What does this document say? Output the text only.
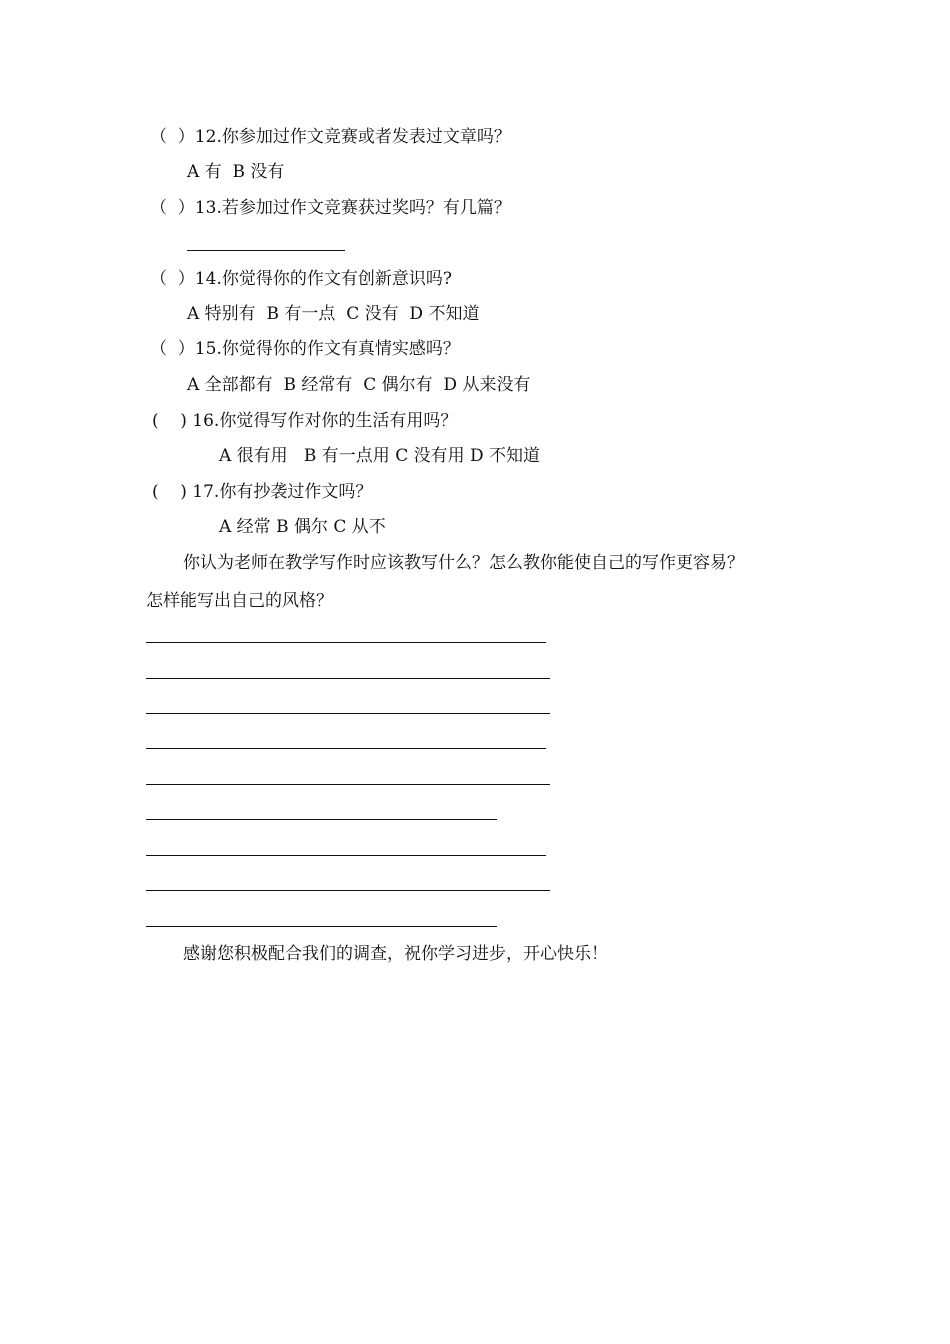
（  ）12.你参加过作文竞赛或者发表过文章吗？
A 有  B 没有
（  ）13.若参加过作文竞赛获过奖吗？有几篇？
（  ）14.你觉得你的作文有创新意识吗?
A 特别有  B 有一点  C 没有  D 不知道
（  ）15.你觉得你的作文有真情实感吗？
A 全部都有  B 经常有  C 偶尔有  D 从来没有
(    ) 16.你觉得写作对你的生活有用吗？
A 很有用   B 有一点用 C 没有用 D 不知道
(    ) 17.你有抄袭过作文吗？
A 经常 B 偶尔 C 从不
你认为老师在教学写作时应该教写什么？怎么教你能使自己的写作更容易？
怎样能写出自己的风格？
感谢您积极配合我们的调查，祝你学习进步，开心快乐！
